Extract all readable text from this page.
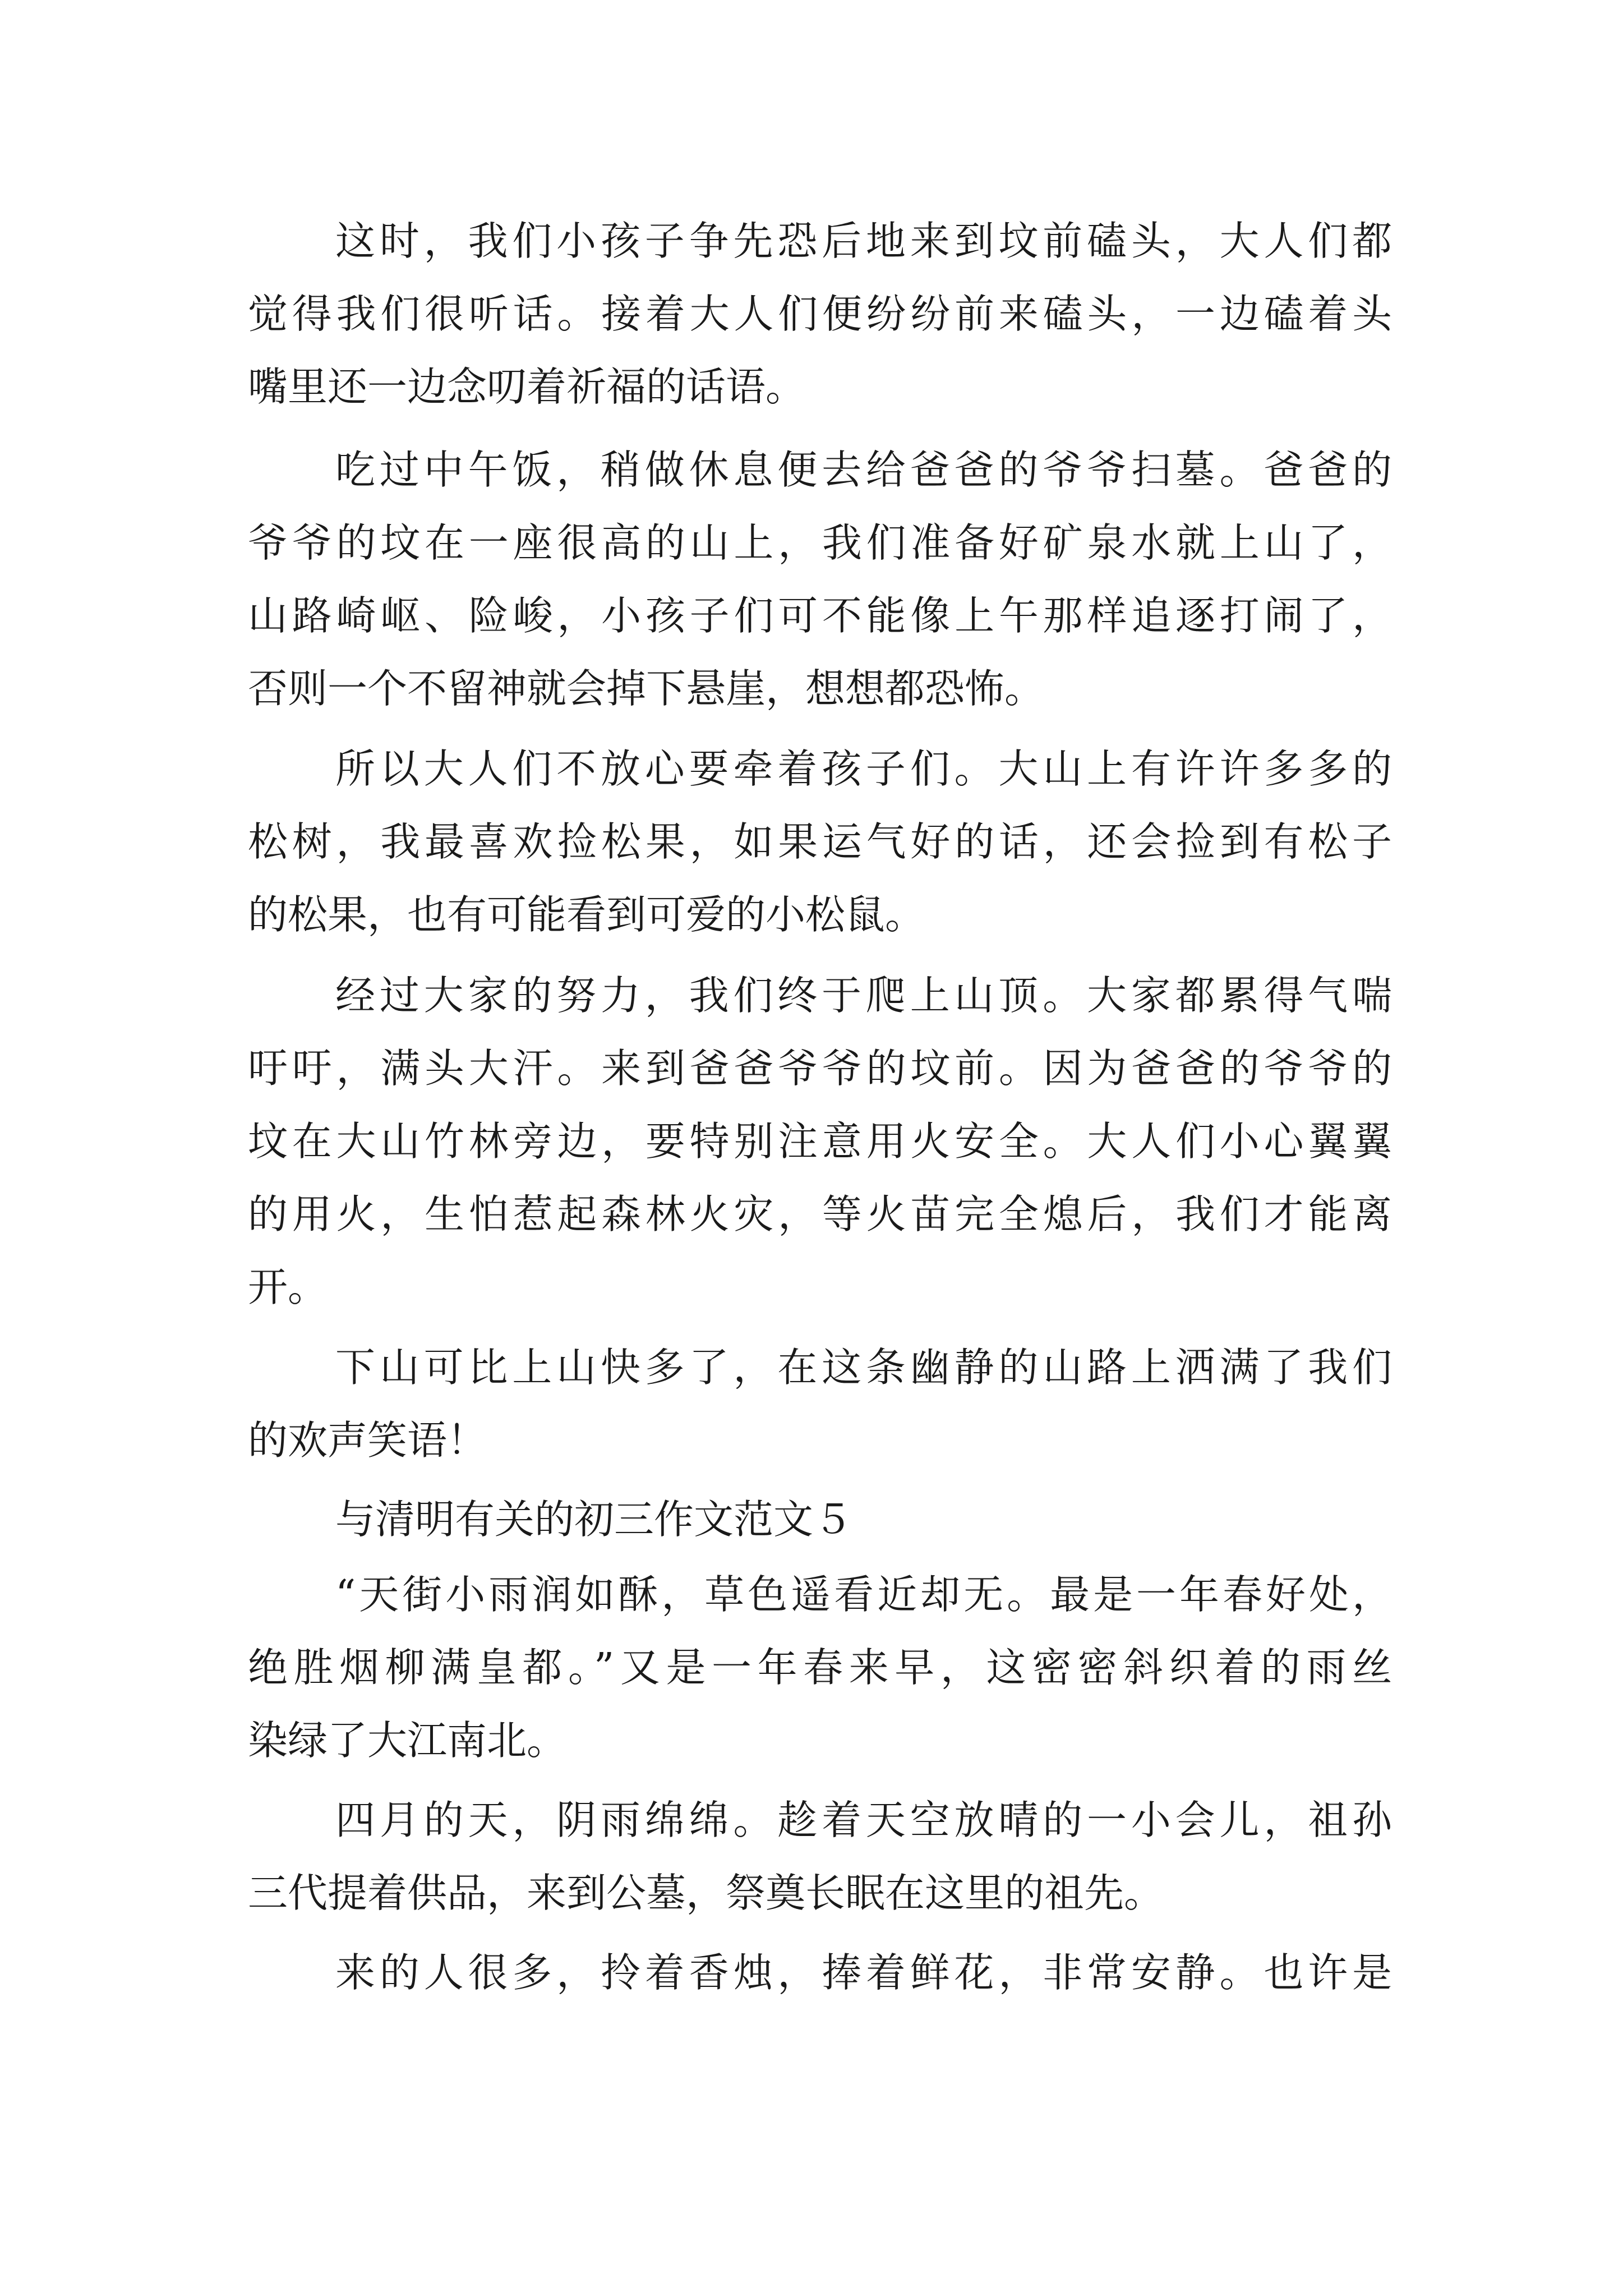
这时，我们小孩子争先恐后地来到坟前磕头，大人们都
觉得我们很听话。接着大人们便纷纷前来磕头，一边磕着头
嘴里还一边念叨着祈福的话语。
吃过中午饭，稍做休息便去给爸爸的爷爷扫墓。爸爸的
爷爷的坟在一座很高的山上，我们准备好矿泉水就上山了，
山路崎岖、险峻，小孩子们可不能像上午那样追逐打闹了，
否则一个不留神就会掉下悬崖，想想都恐怖。
所以大人们不放心要牵着孩子们。大山上有许许多多的
松树，我最喜欢捡松果，如果运气好的话，还会捡到有松子
的松果，也有可能看到可爱的小松鼠。
经过大家的努力，我们终于爬上山顶。大家都累得气喘
吁吁，满头大汗。来到爸爸爷爷的坟前。因为爸爸的爷爷的
坟在大山竹林旁边，要特别注意用火安全。大人们小心翼翼
的用火，生怕惹起森林火灾，等火苗完全熄后，我们才能离
开。
下山可比上山快多了，在这条幽静的山路上洒满了我们
的欢声笑语！
与清明有关的初三作文范文５
“天街小雨润如酥，草色遥看近却无。最是一年春好处，
绝胜烟柳满皇都。”又是一年春来早，这密密斜织着的雨丝
染绿了大江南北。
四月的天，阴雨绵绵。趁着天空放晴的一小会儿，祖孙
三代提着供品，来到公墓，祭奠长眠在这里的祖先。
来的人很多，拎着香烛，捧着鲜花，非常安静。也许是
